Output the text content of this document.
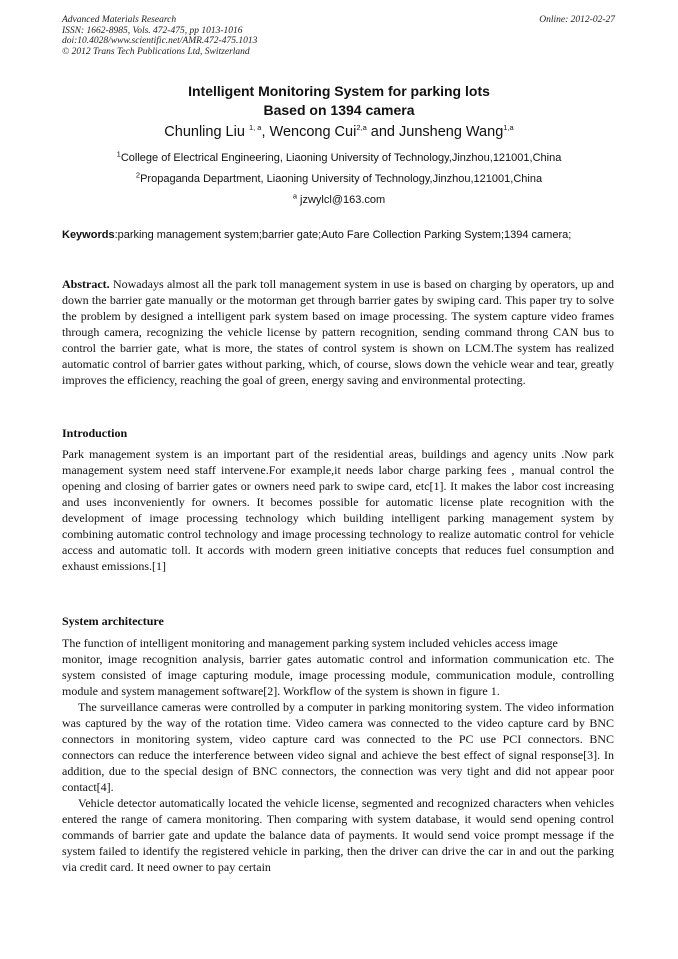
Advanced Materials Research
ISSN: 1662-8985, Vols. 472-475, pp 1013-1016
doi:10.4028/www.scientific.net/AMR.472-475.1013
© 2012 Trans Tech Publications Ltd, Switzerland
Online: 2012-02-27
Intelligent Monitoring System for parking lots
Based on 1394 camera
Chunling Liu $^{1, a}$, Wencong Cui$^{2,a}$ and Junsheng Wang$^{1,a}$
$^1$College of Electrical Engineering, Liaoning University of Technology,Jinzhou,121001,China
$^2$Propaganda Department, Liaoning University of Technology,Jinzhou,121001,China
$^a$ jzwylcl@163.com
Keywords:parking management system;barrier gate;Auto Fare Collection Parking System;1394 camera;
Abstract. Nowadays almost all the park toll management system in use is based on charging by operators, up and down the barrier gate manually or the motorman get through barrier gates by swiping card. This paper try to solve the problem by designed a intelligent park system based on image processing. The system capture video frames through camera, recognizing the vehicle license by pattern recognition, sending command throng CAN bus to control the barrier gate, what is more, the states of control system is shown on LCM.The system has realized automatic control of barrier gates without parking, which, of course, slows down the vehicle wear and tear, greatly improves the efficiency, reaching the goal of green, energy saving and environmental protecting.
Introduction
Park management system is an important part of the residential areas, buildings and agency units .Now park management system need staff intervene.For example,it needs labor charge parking fees , manual control the opening and closing of barrier gates or owners need park to swipe card, etc[1]. It makes the labor cost increasing and uses inconveniently for owners. It becomes possible for automatic license plate recognition with the development of image processing technology which building intelligent parking management system by combining automatic control technology and image processing technology to realize automatic control for vehicle access and automatic toll. It accords with modern green initiative concepts that reduces fuel consumption and exhaust emissions.[1]
System architecture

The function of intelligent monitoring and management parking system included vehicles access image

monitor, image recognition analysis, barrier gates automatic control and information communication etc. The system consisted of image capturing module, image processing module, communication module, controlling module and system management software[2]. Workflow of the system is shown in figure 1.

The surveillance cameras were controlled by a computer in parking monitoring system. The video information was captured by the way of the rotation time. Video camera was connected to the video capture card by BNC connectors in monitoring system, video capture card was connected to the PC use PCI connectors. BNC connectors can reduce the interference between video signal and achieve the best effect of signal response[3]. In addition, due to the special design of BNC connectors, the connection was very tight and did not appear poor contact[4].

Vehicle detector automatically located the vehicle license, segmented and recognized characters when vehicles entered the range of camera monitoring. Then comparing with system database, it would send opening control commands of barrier gate and update the balance data of payments. It would send voice prompt message if the system failed to identify the registered vehicle in parking, then the driver can drive the car in and out the parking via credit card. It need owner to pay certain
